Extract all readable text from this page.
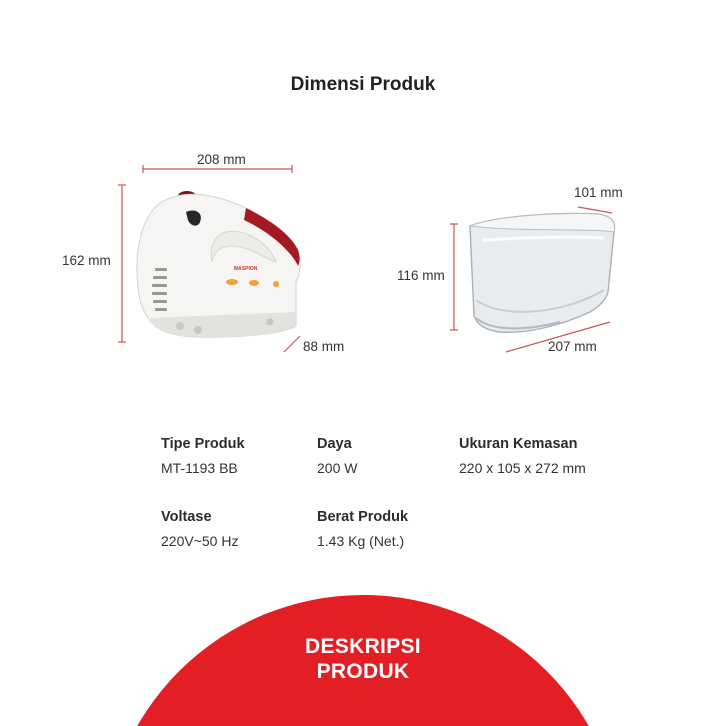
Dimensi Produk
MASPION
208 mm
162 mm
88 mm
101 mm
116 mm
207 mm
Tipe Produk
MT-1193 BB
Daya
200 W
Ukuran Kemasan
220 x 105 x 272 mm
Voltase
220V~50 Hz
Berat Produk
1.43 Kg (Net.)
DESKRIPSI
PRODUK
